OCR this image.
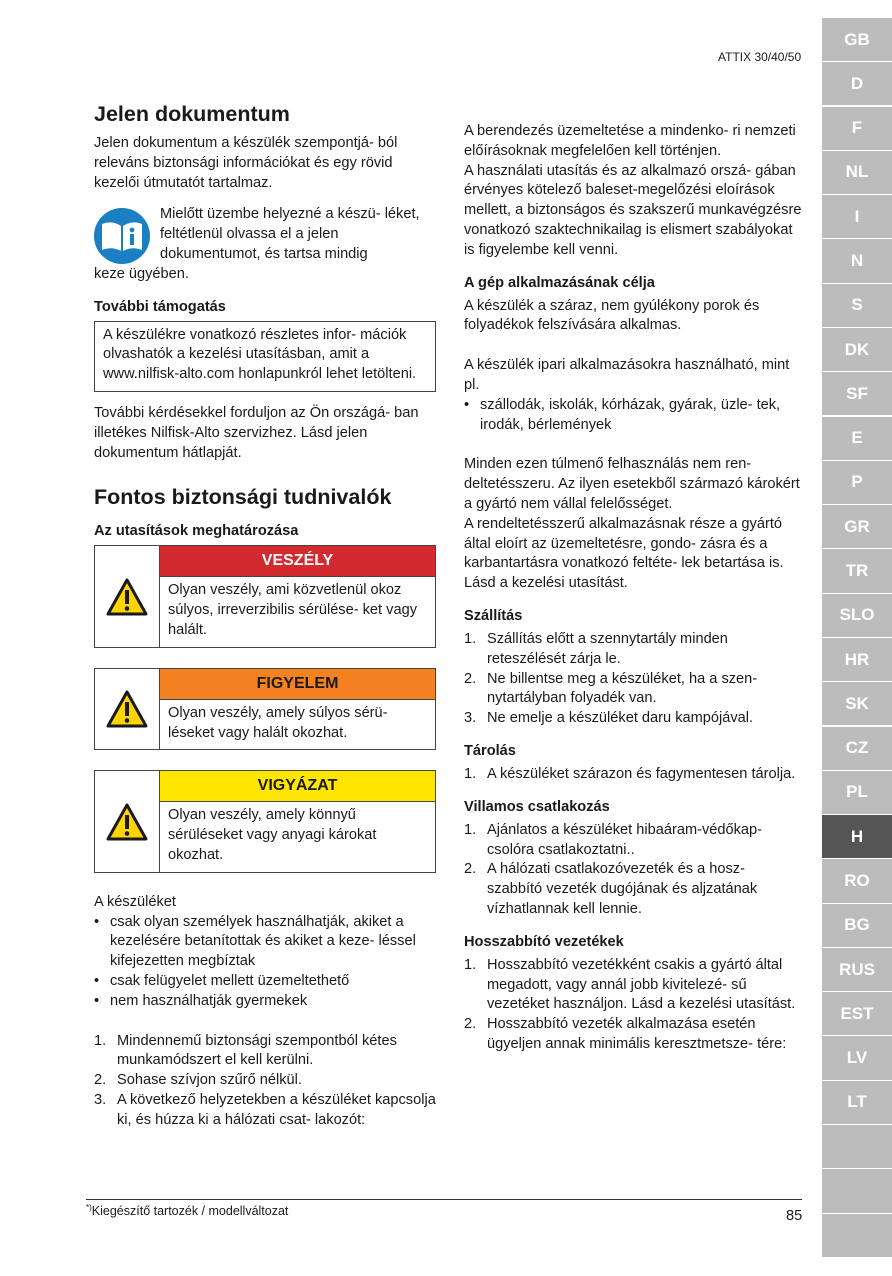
ATTIX 30/40/50
Jelen dokumentum

Jelen dokumentum a készülék szempontjá- ból releváns biztonsági információkat és egy rövid kezelői útmutatót tartalmaz.

Mielőtt üzembe helyezné a készü- léket, feltétlenül olvassa el a jelen dokumentumot, és tartsa mindig

keze ügyében.

További támogatás

A készülékre vonatkozó részletes infor- mációk olvashatók a kezelési utasításban, amit a www.nilfisk-alto.com honlapunkról lehet letölteni.

További kérdésekkel forduljon az Ön országá- ban illetékes Nilfisk-Alto szervizhez. Lásd jelen dokumentum hátlapját.

Fontos biztonsági tudnivalók
Az utasítások meghatározása
VESZÉLY
Olyan veszély, ami közvetlenül okoz súlyos, irreverzibilis sérülése- ket vagy halált.
FIGYELEM
Olyan veszély, amely súlyos sérü- léseket vagy halált okozhat.
VIGYÁZAT
Olyan veszély, amely könnyű sérüléseket vagy anyagi károkat okozhat.

A készüléket

• csak olyan személyek használhatják, akiket a kezelésére betanítottak és akiket a keze- léssel kifejezetten megbíztak
• csak felügyelet mellett üzemeltethető
• nem használhatják gyermekek
1. Mindennemű biztonsági szempontból kétes munkamódszert el kell kerülni.
2. Sohase szívjon szűrő nélkül.
3. A következő helyzetekben a készüléket kapcsolja ki, és húzza ki a hálózati csat- lakozót:

A berendezés üzemeltetése a mindenko- ri nemzeti előírásoknak megfelelően kell történjen.

A használati utasítás és az alkalmazó orszá- gában érvényes kötelező baleset-megelőzési eloírások mellett, a biztonságos és szakszerű munkavégzésre vonatkozó szaktechnikailag is elismert szabályokat is figyelembe kell venni.

A gép alkalmazásának célja

A készülék a száraz, nem gyúlékony porok és folyadékok felszívására alkalmas.

A készülék ipari alkalmazásokra használható, mint pl.

• szállodák, iskolák, kórházak, gyárak, üzle- tek, irodák, bérlemények

Minden ezen túlmenő felhasználás nem ren- deltetésszeru. Az ilyen esetekből származó károkért a gyártó nem vállal felelősséget.

A rendeltetésszerű alkalmazásnak része a gyártó által eloírt az üzemeltetésre, gondo- zásra és a karbantartásra vonatkozó feltéte- lek betartása is. Lásd a kezelési utasítást.

Szállítás
1. Szállítás előtt a szennytartály minden reteszélését zárja le.
2. Ne billentse meg a készüléket, ha a szen- nytartályban folyadék van.
3. Ne emelje a készüléket daru kampójával.
Tárolás
1. A készüléket szárazon és fagymentesen tárolja.
Villamos csatlakozás
1. Ajánlatos a készüléket hibaáram-védőkap- csolóra csatlakoztatni..
2. A hálózati csatlakozóvezeték és a hosz- szabbító vezeték dugójának és aljzatának vízhatlannak kell lennie.
Hosszabbító vezetékek
1. Hosszabbító vezetékként csakis a gyártó által megadott, vagy annál jobb kivitelezé- sű vezetéket használjon. Lásd a kezelési utasítást.
2. Hosszabbító vezeték alkalmazása esetén ügyeljen annak minimális keresztmetsze- tére:
GB
D
F
NL
I
N
S
DK
SF
E
P
GR
TR
SLO
HR
SK
CZ
PL
H
RO
BG
RUS
EST
LV
LT
*)Kiegészítő tartozék / modellváltozat	85
